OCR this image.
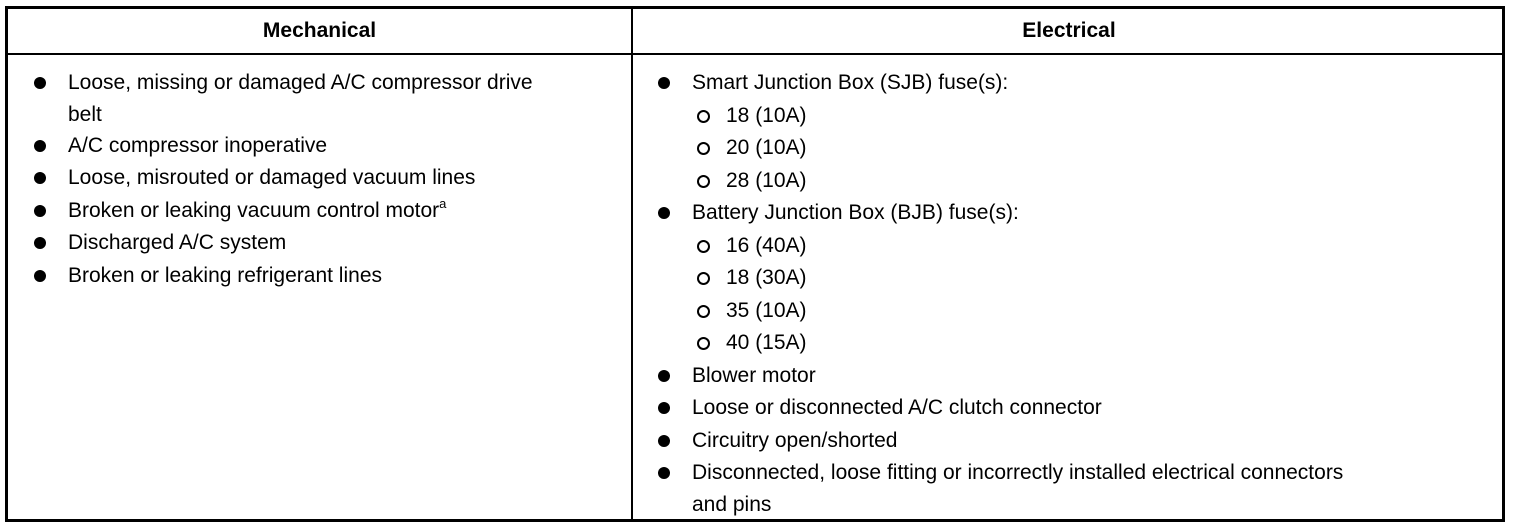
Mechanical	Electrical
Loose, missing or damaged A/C compressor drive
belt
A/C compressor inoperative
Loose, misrouted or damaged vacuum lines
Broken or leaking vacuum control motor$^a$
Discharged A/C system
Broken or leaking refrigerant lines
Smart Junction Box (SJB) fuse(s):
18 (10A)
20 (10A)
28 (10A)
Battery Junction Box (BJB) fuse(s):
16 (40A)
18 (30A)
35 (10A)
40 (15A)
Blower motor
Loose or disconnected A/C clutch connector
Circuitry open/shorted
Disconnected, loose fitting or incorrectly installed electrical connectors
and pins
